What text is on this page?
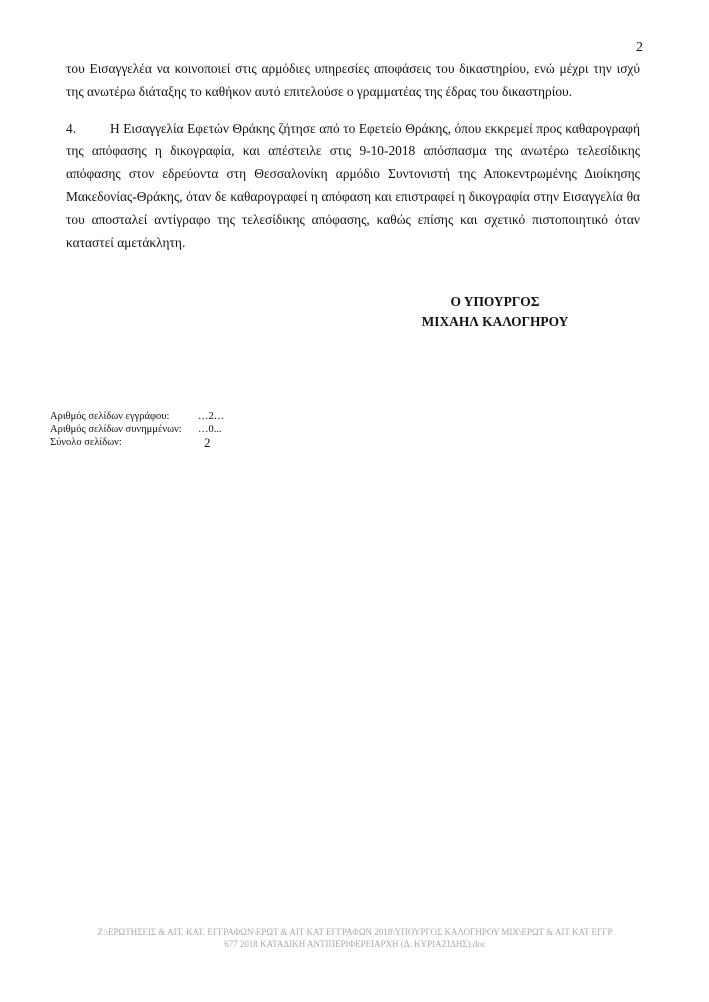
2

του Εισαγγελέα να κοινοποιεί στις αρμόδιες υπηρεσίες αποφάσεις του δικαστηρίου, ενώ μέχρι την ισχύ της ανωτέρω διάταξης το καθήκον αυτό επιτελούσε ο γραμματέας της έδρας του δικαστηρίου.

4.	Η Εισαγγελία Εφετών Θράκης ζήτησε από το Εφετείο Θράκης, όπου εκκρεμεί προς καθαρογραφή της απόφασης η δικογραφία, και απέστειλε στις 9-10-2018 απόσπασμα της ανωτέρω τελεσίδικης απόφασης στον εδρεύοντα στη Θεσσαλονίκη αρμόδιο Συντονιστή της Αποκεντρωμένης Διοίκησης Μακεδονίας-Θράκης, όταν δε καθαρογραφεί η απόφαση και επιστραφεί η δικογραφία στην Εισαγγελία θα του αποσταλεί αντίγραφο της τελεσίδικης απόφασης, καθώς επίσης και σχετικό πιστοποιητικό όταν καταστεί αμετάκλητη.

Ο ΥΠΟΥΡΓΟΣ
ΜΙΧΑΗΛ ΚΑΛΟΓΗΡΟΥ
Αριθμός σελίδων εγγράφου:	…2…
Αριθμός σελίδων συνημμένων: …0...
Σύνολο σελίδων:	2
Z:\ΕΡΩΤΗΣΕΙΣ & ΑΙΤ. ΚΑΤ. ΕΓΓΡΑΦΩΝ\ΕΡΩΤ & ΑΙΤ ΚΑΤ ΕΓΓΡΑΦΩΝ 2018\ΥΠΟΥΡΓΟΣ ΚΑΛΟΓΗΡΟΥ ΜΙΧ\ΕΡΩΤ & ΑΙΤ ΚΑΤ ΕΓΓΡ
677 2018 ΚΑΤΑΔΙΚΗ ΑΝΤΙΠΕΡΙΦΕΡΕΙΑΡΧΗ (Δ. ΚΥΡΙΑΖΙΔΗΣ).doc
